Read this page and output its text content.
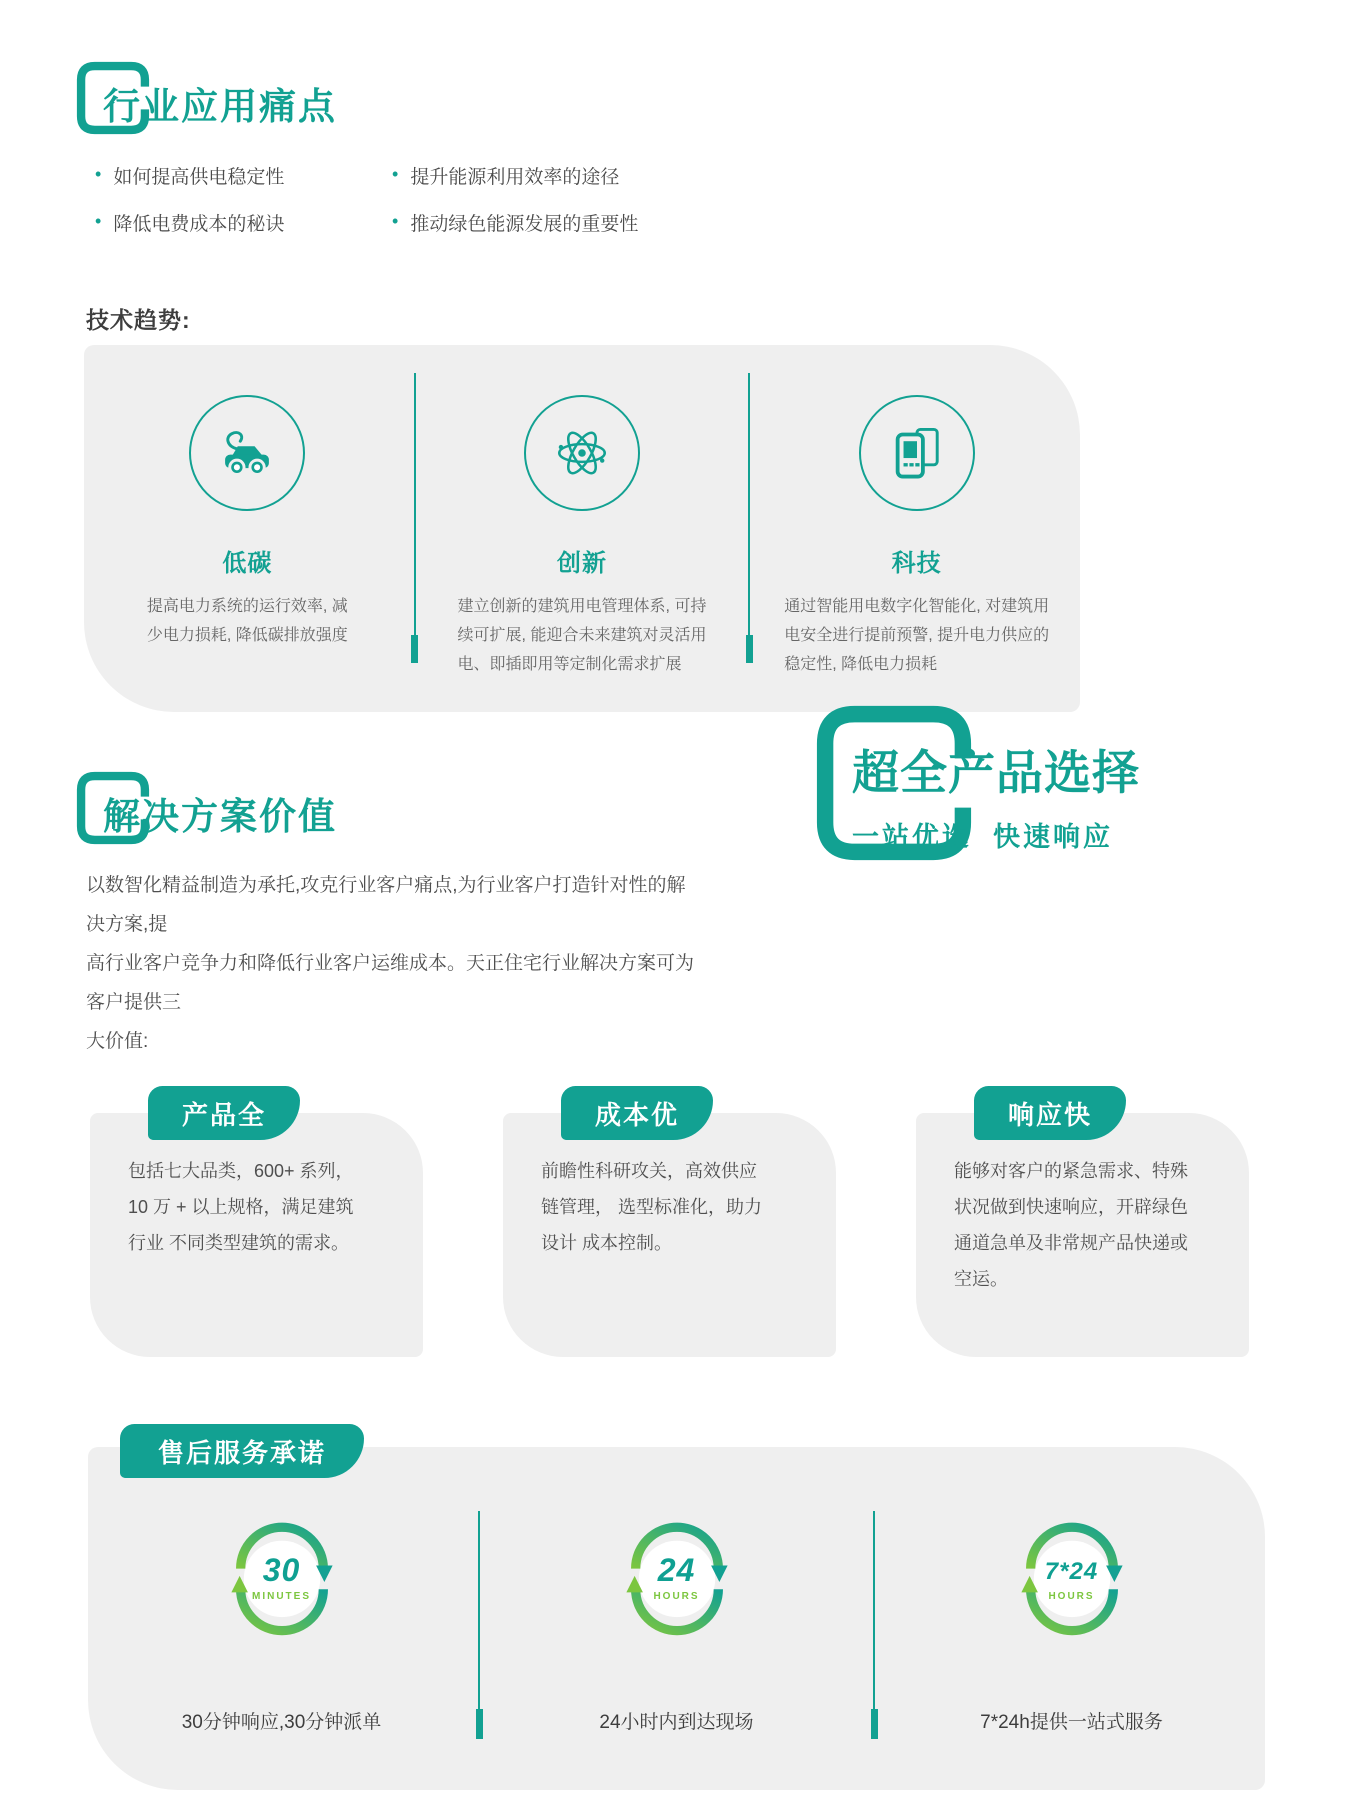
行业应用痛点
• 如何提高供电稳定性
• 降低电费成本的秘诀
• 提升能源利用效率的途径
• 推动绿色能源发展的重要性
技术趋势:
低碳
提高电力系统的运行效率, 减
少电力损耗, 降低碳排放强度
创新
建立创新的建筑用电管理体系, 可持
续可扩展, 能迎合未来建筑对灵活用
电、即插即用等定制化需求扩展
科技
通过智能用电数字化智能化, 对建筑用
电安全进行提前预警, 提升电力供应的
稳定性, 降低电力损耗
解决方案价值
以数智化精益制造为承托,攻克行业客户痛点,为行业客户打造针对性的解决方案,提
高行业客户竞争力和降低行业客户运维成本。天正住宅行业解决方案可为客户提供三
大价值:
超全产品选择
一站优选  快速响应
产品全
包括七大品类，600+ 系列，
10 万 + 以上规格，满足建筑
行业 不同类型建筑的需求。
成本优
前瞻性科研攻关，高效供应
链管理， 选型标准化，助力
设计 成本控制。
响应快
能够对客户的紧急需求、特殊
状况做到快速响应，开辟绿色
通道急单及非常规产品快递或
空运。
售后服务承诺
30
MINUTES
30分钟响应,30分钟派单
24
HOURS
24小时内到达现场
7*24
HOURS
7*24h提供一站式服务
